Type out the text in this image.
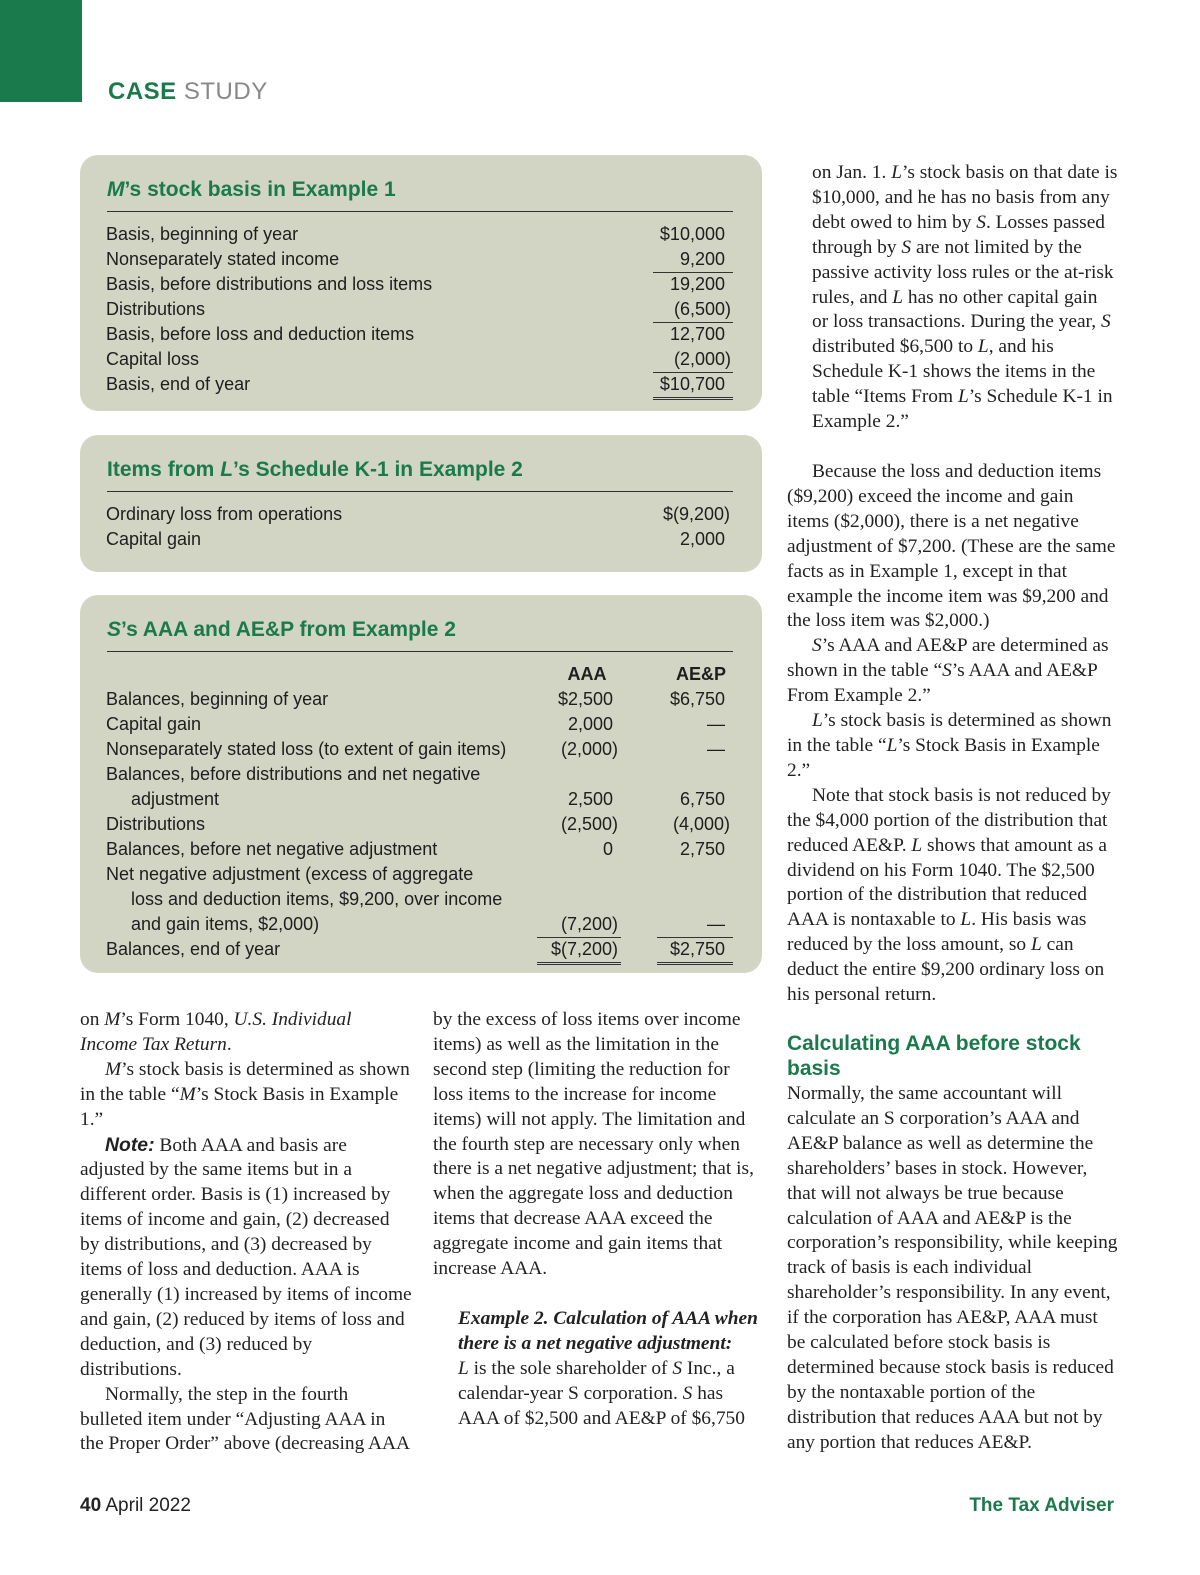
CASE STUDY
M’s stock basis in Example 1
Basis, beginning of year
Nonseparately stated income
Basis, before distributions and loss items
Distributions
Basis, before loss and deduction items
Capital loss
Basis, end of year
$10,000
9,200
19,200
(6,500)
12,700
(2,000)
$10,700
Items from L’s Schedule K-1 in Example 2
Ordinary loss from operations
Capital gain
$(9,200)
2,000
S’s AAA and AE&P from Example 2
AAA	AE&P
Balances, beginning of year
Capital gain
Nonseparately stated loss (to extent of gain items)
Balances, before distributions and net negative
adjustment
Distributions
Balances, before net negative adjustment
Net negative adjustment (excess of aggregate
loss and deduction items, $9,200, over income
and gain items, $2,000)
Balances, end of year
$2,500
2,000
(2,000)
2,500
(2,500)
0
(7,200)
$(7,200)
$6,750
—
—
6,750
(4,000)
2,750
—
$2,750

on Jan. 1. L’s stock basis on that date is $10,000, and he has no basis from any debt owed to him by S. Losses passed through by S are not limited by the passive activity loss rules or the at-risk rules, and L has no other capital gain or loss transactions. During the year, S distributed $6,500 to L, and his Schedule K-1 shows the items in the table “Items From L’s Schedule K-1 in Example 2.”

Because the loss and deduction items ($9,200) exceed the income and gain items ($2,000), there is a net negative adjustment of $7,200. (These are the same facts as in Example 1, except in that example the income item was $9,200 and the loss item was $2,000.)

S’s AAA and AE&P are determined as shown in the table “S’s AAA and AE&P From Example 2.”

L’s stock basis is determined as shown in the table “L’s Stock Basis in Example 2.”

Note that stock basis is not reduced by the $4,000 portion of the distribution that reduced AE&P. L shows that amount as a dividend on his Form 1040. The $2,500 portion of the distribution that reduced AAA is nontaxable to L. His basis was reduced by the loss amount, so L can deduct the entire $9,200 ordinary loss on his personal return.

Calculating AAA before stock basis

Normally, the same accountant will calculate an S corporation’s AAA and AE&P balance as well as determine the shareholders’ bases in stock. However, that will not always be true because calculation of AAA and AE&P is the corporation’s responsibility, while keeping track of basis is each individual shareholder’s responsibility. In any event, if the corporation has AE&P, AAA must be calculated before stock basis is determined because stock basis is reduced by the nontaxable portion of the distribution that reduces AAA but not by any portion that reduces AE&P.

on M’s Form 1040, U.S. Individual Income Tax Return.

M’s stock basis is determined as shown in the table “M’s Stock Basis in Example 1.”

Note: Both AAA and basis are adjusted by the same items but in a different order. Basis is (1) increased by items of income and gain, (2) decreased by distributions, and (3) decreased by items of loss and deduction. AAA is generally (1) increased by items of income and gain, (2) reduced by items of loss and deduction, and (3) reduced by distributions.

Normally, the step in the fourth bulleted item under “Adjusting AAA in the Proper Order” above (decreasing AAA

by the excess of loss items over income items) as well as the limitation in the second step (limiting the reduction for loss items to the increase for income items) will not apply. The limitation and the fourth step are necessary only when there is a net negative adjustment; that is, when the aggregate loss and deduction items that decrease AAA exceed the aggregate income and gain items that increase AAA.

Example 2. Calculation of AAA when there is a net negative adjustment:
L is the sole shareholder of S Inc., a calendar-year S corporation. S has AAA of $2,500 and AE&P of $6,750

40 April 2022	The Tax Adviser
